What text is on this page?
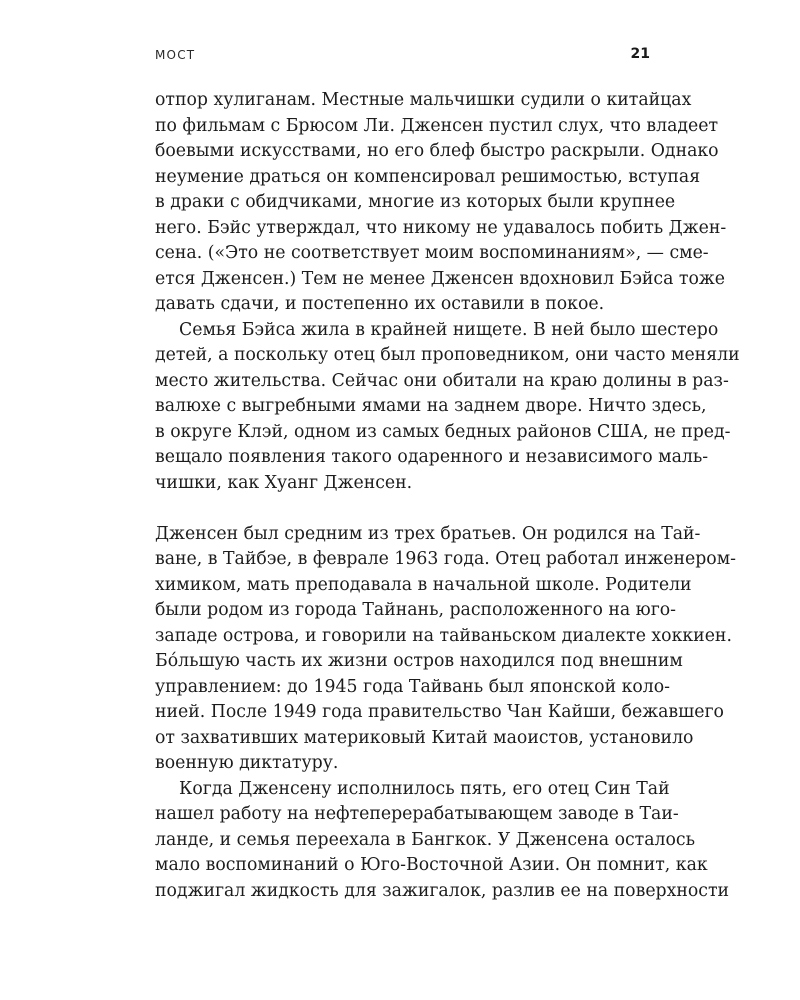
МОСТ	21

отпор хулиганам. Местные мальчишки судили о китайцах
по фильмам с Брюсом Ли. Дженсен пустил слух, что владеет
боевыми искусствами, но его блеф быстро раскрыли. Однако
неумение драться он компенсировал решимостью, вступая
в драки с обидчиками, многие из которых были крупнее
него. Бэйс утверждал, что никому не удавалось побить Джен-
сена. («Это не соответствует моим воспоминаниям», — сме-
ется Дженсен.) Тем не менее Дженсен вдохновил Бэйса тоже
давать сдачи, и постепенно их оставили в покое.

Семья Бэйса жила в крайней нищете. В ней было шестеро
детей, а поскольку отец был проповедником, они часто меняли
место жительства. Сейчас они обитали на краю долины в раз-
валюхе с выгребными ямами на заднем дворе. Ничто здесь,
в округе Клэй, одном из самых бедных районов США, не пред-
вещало появления такого одаренного и независимого маль-
чишки, как Хуанг Дженсен.

Дженсен был средним из трех братьев. Он родился на Тай-
ване, в Тайбэе, в феврале 1963 года. Отец работал инженером-
химиком, мать преподавала в начальной школе. Родители
были родом из города Тайнань, расположенного на юго-
западе острова, и говорили на тайваньском диалекте хоккиен.
Бóльшую часть их жизни остров находился под внешним
управлением: до 1945 года Тайвань был японской коло-
нией. После 1949 года правительство Чан Кайши, бежавшего
от захвативших материковый Китай маоистов, установило
военную диктатуру.

Когда Дженсену исполнилось пять, его отец Син Тай
нашел работу на нефтеперерабатывающем заводе в Таи-
ланде, и семья переехала в Бангкок. У Дженсена осталось
мало воспоминаний о Юго-Восточной Азии. Он помнит, как
поджигал жидкость для зажигалок, разлив ее на поверхности
